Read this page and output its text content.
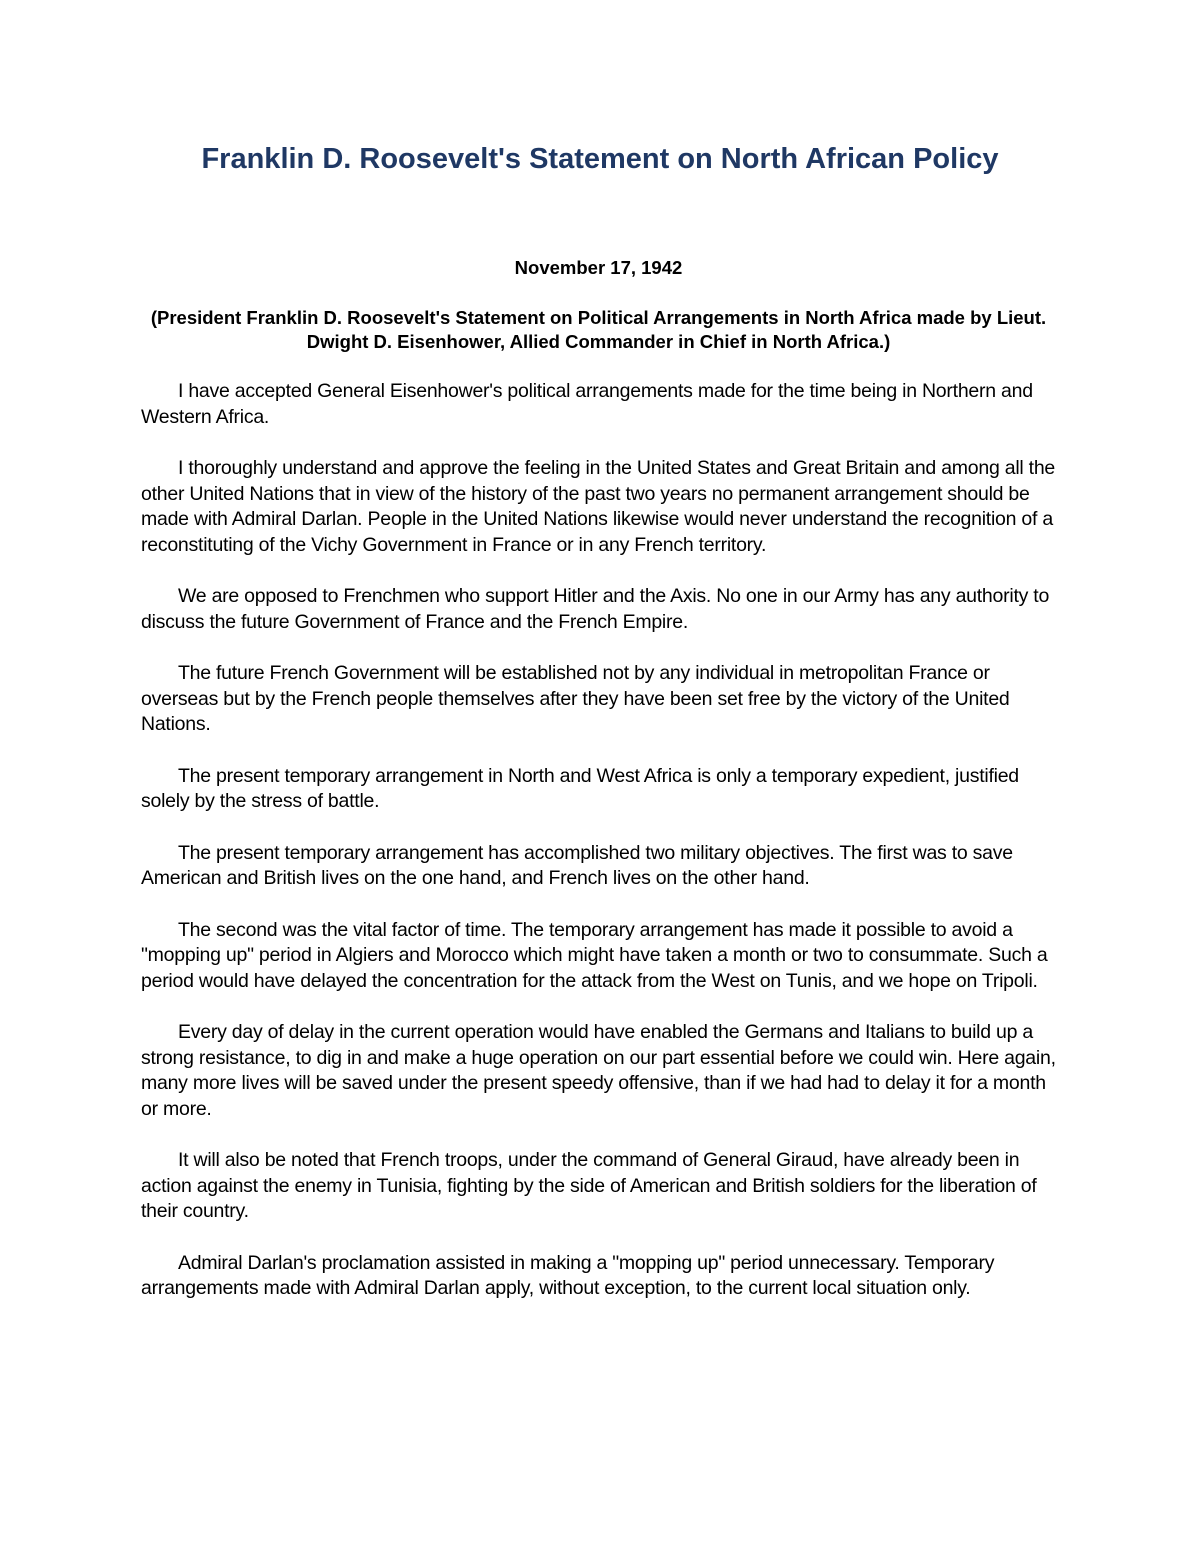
Franklin D. Roosevelt's Statement on North African Policy

November 17, 1942

(President Franklin D. Roosevelt's Statement on Political Arrangements in North Africa made by Lieut. Dwight D. Eisenhower, Allied Commander in Chief in North Africa.)

I have accepted General Eisenhower's political arrangements made for the time being in Northern and Western Africa.

I thoroughly understand and approve the feeling in the United States and Great Britain and among all the other United Nations that in view of the history of the past two years no permanent arrangement should be made with Admiral Darlan. People in the United Nations likewise would never understand the recognition of a reconstituting of the Vichy Government in France or in any French territory.

We are opposed to Frenchmen who support Hitler and the Axis. No one in our Army has any authority to discuss the future Government of France and the French Empire.

The future French Government will be established not by any individual in metropolitan France or overseas but by the French people themselves after they have been set free by the victory of the United Nations.

The present temporary arrangement in North and West Africa is only a temporary expedient, justified solely by the stress of battle.

The present temporary arrangement has accomplished two military objectives. The first was to save American and British lives on the one hand, and French lives on the other hand.

The second was the vital factor of time. The temporary arrangement has made it possible to avoid a "mopping up" period in Algiers and Morocco which might have taken a month or two to consummate. Such a period would have delayed the concentration for the attack from the West on Tunis, and we hope on Tripoli.

Every day of delay in the current operation would have enabled the Germans and Italians to build up a strong resistance, to dig in and make a huge operation on our part essential before we could win. Here again, many more lives will be saved under the present speedy offensive, than if we had had to delay it for a month or more.

It will also be noted that French troops, under the command of General Giraud, have already been in action against the enemy in Tunisia, fighting by the side of American and British soldiers for the liberation of their country.

Admiral Darlan's proclamation assisted in making a "mopping up" period unnecessary. Temporary arrangements made with Admiral Darlan apply, without exception, to the current local situation only.
